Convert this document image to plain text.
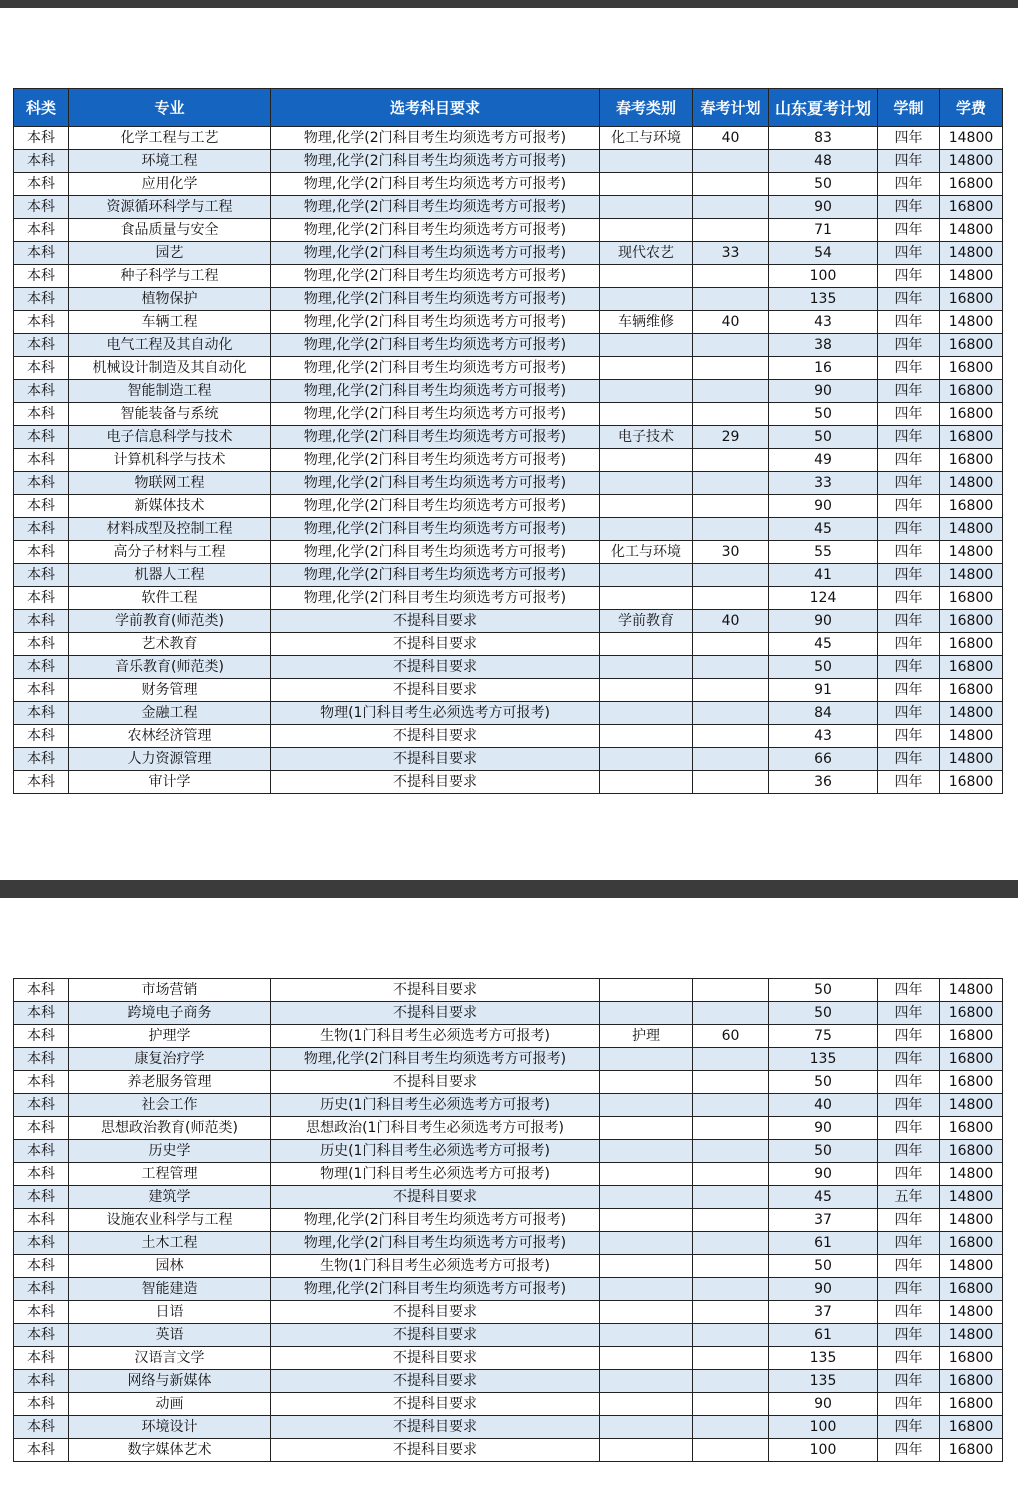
科类	专业	选考科目要求	春考类别	春考计划	山东夏考计划	学制	学费
本科	化学工程与工艺	物理,化学(2门科目考生均须选考方可报考)	化工与环境	40	83	四年	14800
本科	环境工程	物理,化学(2门科目考生均须选考方可报考)			48	四年	14800
本科	应用化学	物理,化学(2门科目考生均须选考方可报考)			50	四年	16800
本科	资源循环科学与工程	物理,化学(2门科目考生均须选考方可报考)			90	四年	16800
本科	食品质量与安全	物理,化学(2门科目考生均须选考方可报考)			71	四年	14800
本科	园艺	物理,化学(2门科目考生均须选考方可报考)	现代农艺	33	54	四年	14800
本科	种子科学与工程	物理,化学(2门科目考生均须选考方可报考)			100	四年	14800
本科	植物保护	物理,化学(2门科目考生均须选考方可报考)			135	四年	16800
本科	车辆工程	物理,化学(2门科目考生均须选考方可报考)	车辆维修	40	43	四年	14800
本科	电气工程及其自动化	物理,化学(2门科目考生均须选考方可报考)			38	四年	16800
本科	机械设计制造及其自动化	物理,化学(2门科目考生均须选考方可报考)			16	四年	16800
本科	智能制造工程	物理,化学(2门科目考生均须选考方可报考)			90	四年	16800
本科	智能装备与系统	物理,化学(2门科目考生均须选考方可报考)			50	四年	16800
本科	电子信息科学与技术	物理,化学(2门科目考生均须选考方可报考)	电子技术	29	50	四年	16800
本科	计算机科学与技术	物理,化学(2门科目考生均须选考方可报考)			49	四年	16800
本科	物联网工程	物理,化学(2门科目考生均须选考方可报考)			33	四年	14800
本科	新媒体技术	物理,化学(2门科目考生均须选考方可报考)			90	四年	16800
本科	材料成型及控制工程	物理,化学(2门科目考生均须选考方可报考)			45	四年	14800
本科	高分子材料与工程	物理,化学(2门科目考生均须选考方可报考)	化工与环境	30	55	四年	14800
本科	机器人工程	物理,化学(2门科目考生均须选考方可报考)			41	四年	14800
本科	软件工程	物理,化学(2门科目考生均须选考方可报考)			124	四年	16800
本科	学前教育(师范类)	不提科目要求	学前教育	40	90	四年	16800
本科	艺术教育	不提科目要求			45	四年	16800
本科	音乐教育(师范类)	不提科目要求			50	四年	16800
本科	财务管理	不提科目要求			91	四年	16800
本科	金融工程	物理(1门科目考生必须选考方可报考)			84	四年	14800
本科	农林经济管理	不提科目要求			43	四年	14800
本科	人力资源管理	不提科目要求			66	四年	14800
本科	审计学	不提科目要求			36	四年	16800
本科	市场营销	不提科目要求			50	四年	14800
本科	跨境电子商务	不提科目要求			50	四年	16800
本科	护理学	生物(1门科目考生必须选考方可报考)	护理	60	75	四年	16800
本科	康复治疗学	物理,化学(2门科目考生均须选考方可报考)			135	四年	16800
本科	养老服务管理	不提科目要求			50	四年	16800
本科	社会工作	历史(1门科目考生必须选考方可报考)			40	四年	14800
本科	思想政治教育(师范类)	思想政治(1门科目考生必须选考方可报考)			90	四年	16800
本科	历史学	历史(1门科目考生必须选考方可报考)			50	四年	16800
本科	工程管理	物理(1门科目考生必须选考方可报考)			90	四年	14800
本科	建筑学	不提科目要求			45	五年	14800
本科	设施农业科学与工程	物理,化学(2门科目考生均须选考方可报考)			37	四年	14800
本科	土木工程	物理,化学(2门科目考生均须选考方可报考)			61	四年	16800
本科	园林	生物(1门科目考生必须选考方可报考)			50	四年	14800
本科	智能建造	物理,化学(2门科目考生均须选考方可报考)			90	四年	16800
本科	日语	不提科目要求			37	四年	14800
本科	英语	不提科目要求			61	四年	14800
本科	汉语言文学	不提科目要求			135	四年	16800
本科	网络与新媒体	不提科目要求			135	四年	16800
本科	动画	不提科目要求			90	四年	16800
本科	环境设计	不提科目要求			100	四年	16800
本科	数字媒体艺术	不提科目要求			100	四年	16800
